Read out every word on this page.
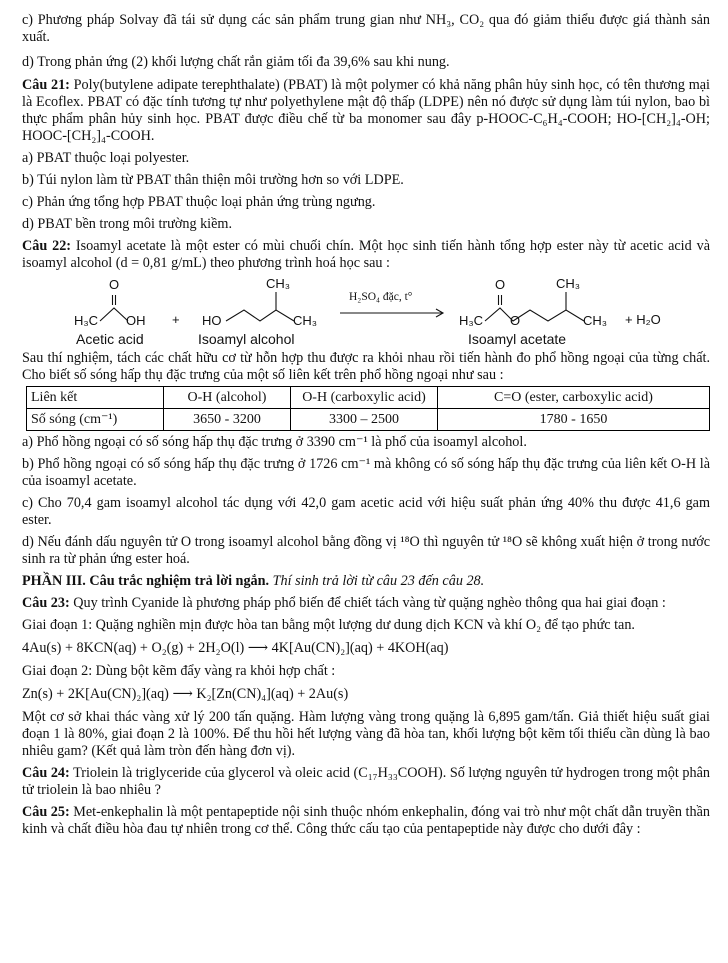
c) Phương pháp Solvay đã tái sử dụng các sản phẩm trung gian như NH₃, CO₂ qua đó giảm thiểu được giá thành sản xuất.

d) Trong phản ứng (2) khối lượng chất rắn giảm tối đa 39,6% sau khi nung.

Câu 21: Poly(butylene adipate terephthalate) (PBAT) là một polymer có khả năng phân hủy sinh học, có tên thương mại là Ecoflex. PBAT có đặc tính tương tự như polyethylene mật độ thấp (LDPE) nên nó được sử dụng làm túi nylon, bao bì thực phẩm phân hủy sinh học. PBAT được điều chế từ ba monomer sau đây p-HOOC-C₆H₄-COOH; HO-[CH₂]₄-OH; HOOC-[CH₂]₄-COOH.

a) PBAT thuộc loại polyester.

b) Túi nylon làm từ PBAT thân thiện môi trường hơn so với LDPE.

c) Phản ứng tổng hợp PBAT thuộc loại phản ứng trùng ngưng.

d) PBAT bền trong môi trường kiềm.

Câu 22: Isoamyl acetate là một ester có mùi chuối chín. Một học sinh tiến hành tổng hợp ester này từ acetic acid và isoamyl alcohol (d = 0,81 g/mL) theo phương trình hoá học sau :

O
H₃C OH + HO
CH₃
CH₃
H₂SO₄ đặc, t°
O
H₃C O
CH₃
CH₃ + H₂O
Acetic acid	Isoamyl alcohol	Isoamyl acetate

Sau thí nghiệm, tách các chất hữu cơ từ hỗn hợp thu được ra khỏi nhau rồi tiến hành đo phổ hồng ngoại của từng chất. Cho biết số sóng hấp thụ đặc trưng của một số liên kết trên phổ hồng ngoại như sau :

Liên kết	O-H (alcohol)	O-H (carboxylic acid)	C=O (ester, carboxylic acid)
Số sóng (cm⁻¹)	3650 - 3200	3300 – 2500	1780 - 1650

a) Phổ hồng ngoại có số sóng hấp thụ đặc trưng ở 3390 cm⁻¹ là phổ của isoamyl alcohol.

b) Phổ hồng ngoại có số sóng hấp thụ đặc trưng ở 1726 cm⁻¹ mà không có số sóng hấp thụ đặc trưng của liên kết O-H là của isoamyl acetate.

c) Cho 70,4 gam isoamyl alcohol tác dụng với 42,0 gam acetic acid với hiệu suất phản ứng 40% thu được 41,6 gam ester.

d) Nếu đánh dấu nguyên tử O trong isoamyl alcohol bằng đồng vị ¹⁸O thì nguyên tử ¹⁸O sẽ không xuất hiện ở trong nước sinh ra từ phản ứng ester hoá.

PHẦN III. Câu trắc nghiệm trả lời ngắn. Thí sinh trả lời từ câu 23 đến câu 28.

Câu 23: Quy trình Cyanide là phương pháp phổ biến để chiết tách vàng từ quặng nghèo thông qua hai giai đoạn :

Giai đoạn 1: Quặng nghiền mịn được hòa tan bằng một lượng dư dung dịch KCN và khí O₂ để tạo phức tan.

4Au(s) + 8KCN(aq) + O₂(g) + 2H₂O(l) ⟶ 4K[Au(CN)₂](aq) + 4KOH(aq)

Giai đoạn 2: Dùng bột kẽm đẩy vàng ra khỏi hợp chất :

Zn(s) + 2K[Au(CN)₂](aq) ⟶ K₂[Zn(CN)₄](aq) + 2Au(s)

Một cơ sở khai thác vàng xử lý 200 tấn quặng. Hàm lượng vàng trong quặng là 6,895 gam/tấn. Giả thiết hiệu suất giai đoạn 1 là 80%, giai đoạn 2 là 100%. Để thu hồi hết lượng vàng đã hòa tan, khối lượng bột kẽm tối thiểu cần dùng là bao nhiêu gam? (Kết quả làm tròn đến hàng đơn vị).

Câu 24: Triolein là triglyceride của glycerol và oleic acid (C₁₇H₃₃COOH). Số lượng nguyên tử hydrogen trong một phân tử triolein là bao nhiêu ?

Câu 25: Met-enkephalin là một pentapeptide nội sinh thuộc nhóm enkephalin, đóng vai trò như một chất dẫn truyền thần kinh và chất điều hòa đau tự nhiên trong cơ thể. Công thức cấu tạo của pentapeptide này được cho dưới đây :
